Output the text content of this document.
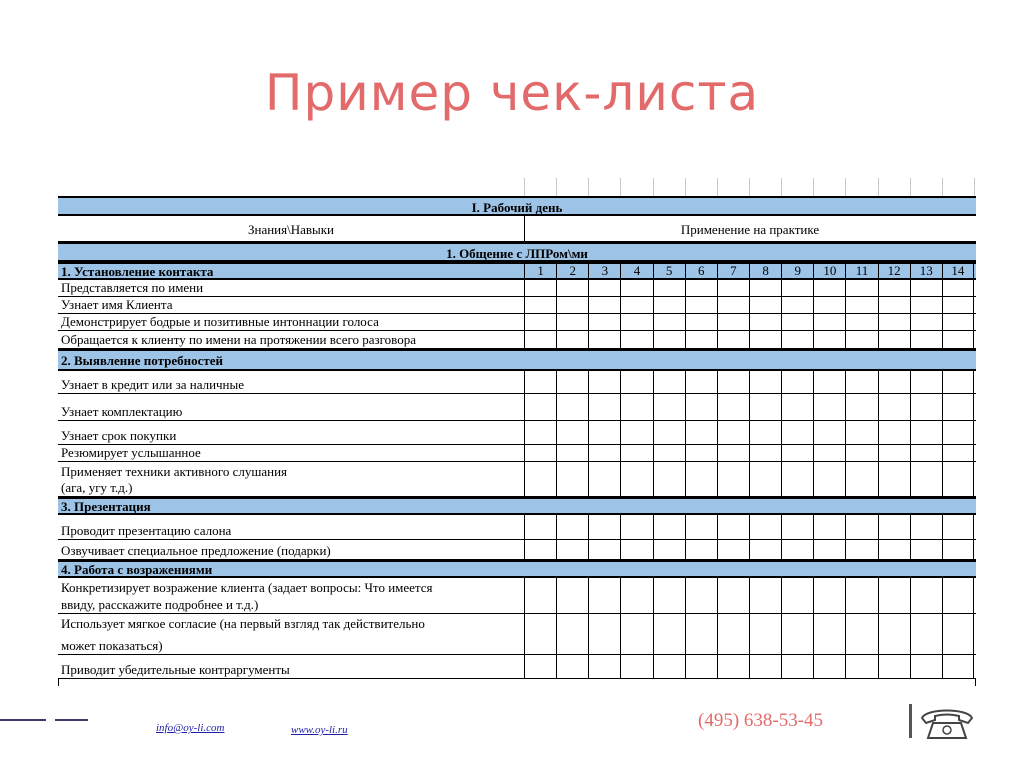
Пример чек-листа
I. Рабочий день
Знания\Навыки	Применение на практике
1. Общение с ЛПРом\ми
1. Установление контакта	1	2	3	4	5	6	7	8	9	10	11	12	13	14
Представляется по имени
Узнает имя Клиента
Демонстрирует бодрые и позитивные интоннации голоса
Обращается к клиенту по имени на протяжении всего разговора
2. Выявление потребностей
Узнает в кредит или за наличные
Узнает комплектацию
Узнает срок покупки
Резюмирует услышанное
Применяет техники активного слушания
(ага, угу т.д.)
3. Презентация
Проводит презентацию салона
Озвучивает специальное предложение (подарки)
4. Работа с возражениями
Конкретизирует возражение клиента (задает вопросы: Что имеется
ввиду, расскажите подробнее и т.д.)
Использует мягкое согласие (на первый взгляд так действительно
может показаться)
Приводит убедительные контраргументы
info@oy-li.com	www.oy-li.ru	(495) 638-53-45
